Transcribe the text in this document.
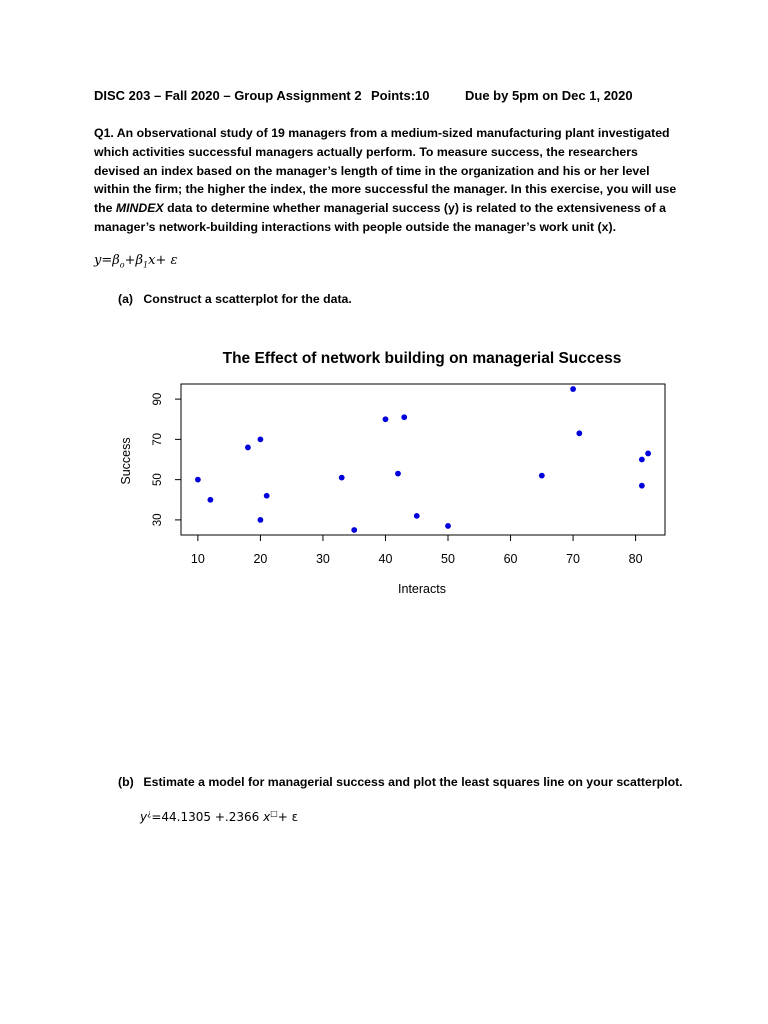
DISC 203 – Fall 2020 – Group Assignment 2 Points:10	Due by 5pm on Dec 1, 2020
Q1. An observational study of 19 managers from a medium-sized manufacturing plant investigated which activities successful managers actually perform. To measure success, the researchers devised an index based on the manager’s length of time in the organization and his or her level within the firm; the higher the index, the more successful the manager. In this exercise, you will use the MINDEX data to determine whether managerial success (y) is related to the extensiveness of a manager’s network-building interactions with people outside the manager’s work unit (x).
$y=\beta_o+\beta_1x+ \varepsilon$
(a) Construct a scatterplot for the data.
The Effect of network building on managerial Success
10	20	30	40	50	60	70	80
30
50
70
90
Interacts
Success
(b) Estimate a model for managerial success and plot the least squares line on your scatterplot.
y¿=44.1305 +.2366 x□+ ε
